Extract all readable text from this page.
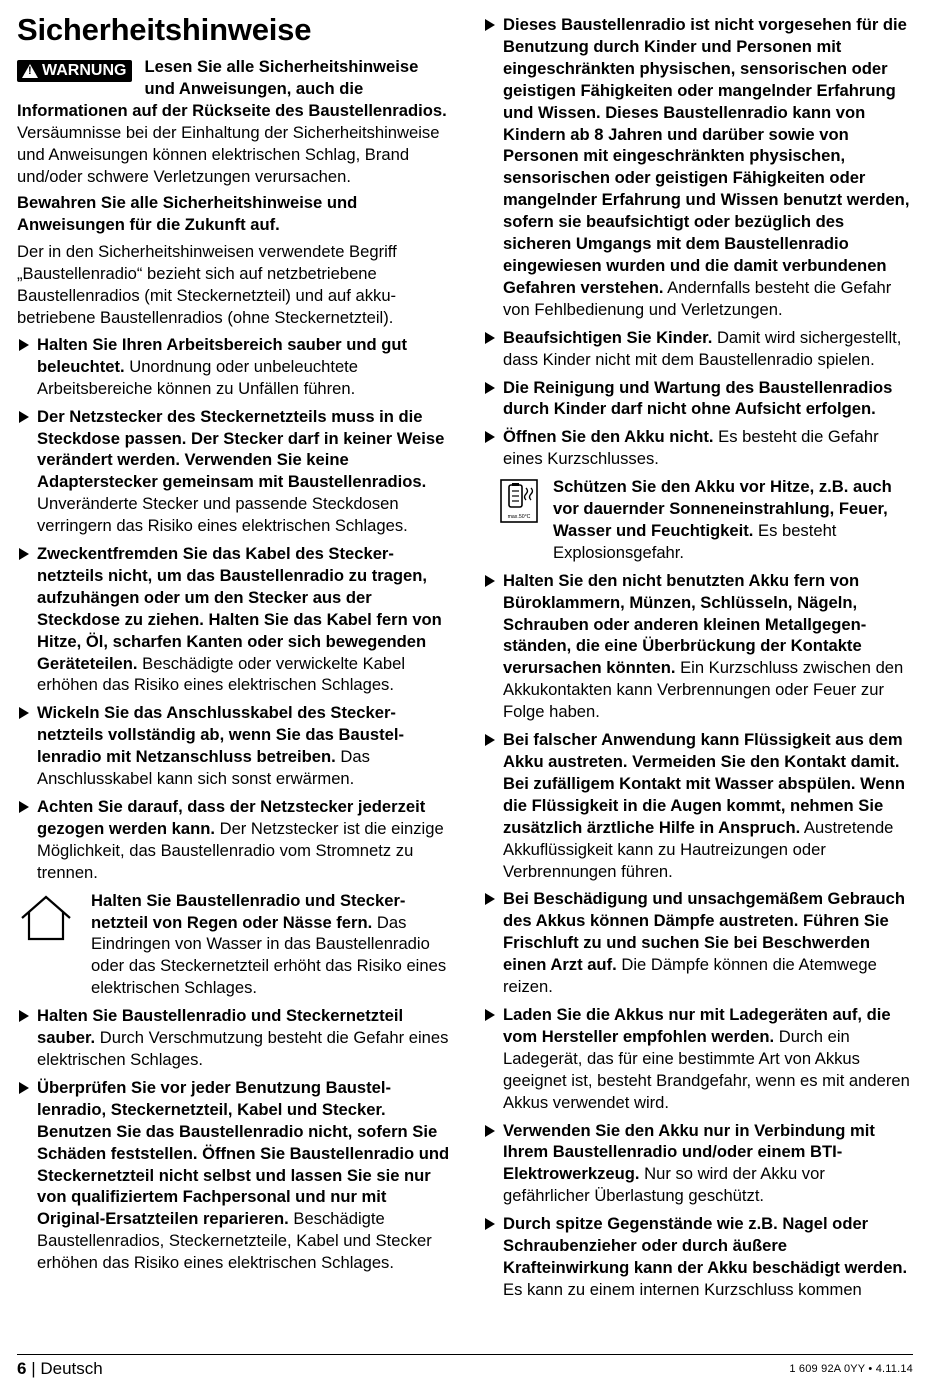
Sicherheitshinweise
! WARNUNG	Lesen Sie alle Sicherheitshinweise und Anweisungen, auch die Informationen auf der Rückseite des Baustellenradios. Versäumnisse bei der Einhaltung der Sicherheitshinweise und Anweisungen können elektrischen Schlag, Brand und/oder schwere Verletzungen verursachen.

Bewahren Sie alle Sicherheitshinweise und Anweisungen für die Zukunft auf.

Der in den Sicherheitshinweisen verwendete Begriff „Baustellenradio“ bezieht sich auf netzbetriebene Baustellenradios (mit Steckernetzteil) und auf akkubetriebene Baustellenradios (ohne Steckernetzteil).

Halten Sie Ihren Arbeitsbereich sauber und gut beleuchtet. Unordnung oder unbeleuchtete Arbeitsbereiche können zu Unfällen führen.

Der Netzstecker des Steckernetzteils muss in die Steckdose passen. Der Stecker darf in keiner Weise verändert werden. Verwenden Sie keine Adapterstecker gemeinsam mit Baustellenradios. Unveränderte Stecker und passende Steckdosen verringern das Risiko eines elektrischen Schlages.

Zweckentfremden Sie das Kabel des Steckernetzteils nicht, um das Baustellenradio zu tragen, aufzuhängen oder um den Stecker aus der Steckdose zu ziehen. Halten Sie das Kabel fern von Hitze, Öl, scharfen Kanten oder sich bewegenden Geräteteilen. Beschädigte oder verwickelte Kabel erhöhen das Risiko eines elektrischen Schlages.

Wickeln Sie das Anschlusskabel des Steckernetzteils vollständig ab, wenn Sie das Baustellenradio mit Netzanschluss betreiben. Das Anschlusskabel kann sich sonst erwärmen.

Achten Sie darauf, dass der Netzstecker jederzeit gezogen werden kann. Der Netzstecker ist die einzige Möglichkeit, das Baustellenradio vom Stromnetz zu trennen.

Halten Sie Baustellenradio und Steckernetzteil von Regen oder Nässe fern. Das Eindringen von Wasser in das Baustellenradio oder das Steckernetzteil erhöht das Risiko eines elektrischen Schlages.

Halten Sie Baustellenradio und Steckernetzteil sauber. Durch Verschmutzung besteht die Gefahr eines elektrischen Schlages.

Überprüfen Sie vor jeder Benutzung Baustellenradio, Steckernetzteil, Kabel und Stecker. Benutzen Sie das Baustellenradio nicht, sofern Sie Schäden feststellen. Öffnen Sie Baustellenradio und Steckernetzteil nicht selbst und lassen Sie sie nur von qualifiziertem Fachpersonal und nur mit Original-Ersatzteilen reparieren. Beschädigte Baustellenradios, Steckernetzteile, Kabel und Stecker erhöhen das Risiko eines elektrischen Schlages.

Dieses Baustellenradio ist nicht vorgesehen für die Benutzung durch Kinder und Personen mit eingeschränkten physischen, sensorischen oder geistigen Fähigkeiten oder mangelnder Erfahrung und Wissen. Dieses Baustellenradio kann von Kindern ab 8 Jahren und darüber sowie von Personen mit eingeschränkten physischen, sensorischen oder geistigen Fähigkeiten oder mangelnder Erfahrung und Wissen benutzt werden, sofern sie beaufsichtigt oder bezüglich des sicheren Umgangs mit dem Baustellenradio eingewiesen wurden und die damit verbundenen Gefahren verstehen. Andernfalls besteht die Gefahr von Fehlbedienung und Verletzungen.

Beaufsichtigen Sie Kinder. Damit wird sichergestellt, dass Kinder nicht mit dem Baustellenradio spielen.

Die Reinigung und Wartung des Baustellenradios durch Kinder darf nicht ohne Aufsicht erfolgen.

Öffnen Sie den Akku nicht. Es besteht die Gefahr eines Kurzschlusses.

max.50°C

Schützen Sie den Akku vor Hitze, z.B. auch vor dauernder Sonneneinstrahlung, Feuer, Wasser und Feuchtigkeit. Es besteht Explosionsgefahr.

Halten Sie den nicht benutzten Akku fern von Büroklammern, Münzen, Schlüsseln, Nägeln, Schrauben oder anderen kleinen Metallgegenständen, die eine Überbrückung der Kontakte verursachen könnten. Ein Kurzschluss zwischen den Akkukontakten kann Verbrennungen oder Feuer zur Folge haben.

Bei falscher Anwendung kann Flüssigkeit aus dem Akku austreten. Vermeiden Sie den Kontakt damit. Bei zufälligem Kontakt mit Wasser abspülen. Wenn die Flüssigkeit in die Augen kommt, nehmen Sie zusätzlich ärztliche Hilfe in Anspruch. Austretende Akkuflüssigkeit kann zu Hautreizungen oder Verbrennungen führen.

Bei Beschädigung und unsachgemäßem Gebrauch des Akkus können Dämpfe austreten. Führen Sie Frischluft zu und suchen Sie bei Beschwerden einen Arzt auf. Die Dämpfe können die Atemwege reizen.

Laden Sie die Akkus nur mit Ladegeräten auf, die vom Hersteller empfohlen werden. Durch ein Ladegerät, das für eine bestimmte Art von Akkus geeignet ist, besteht Brandgefahr, wenn es mit anderen Akkus verwendet wird.

Verwenden Sie den Akku nur in Verbindung mit Ihrem Baustellenradio und/oder einem BTI-Elektrowerkzeug. Nur so wird der Akku vor gefährlicher Überlastung geschützt.

Durch spitze Gegenstände wie z.B. Nagel oder Schraubenzieher oder durch äußere Krafteinwirkung kann der Akku beschädigt werden. Es kann zu einem internen Kurzschluss kommen

6 | Deutsch	1 609 92A 0YY • 4.11.14
